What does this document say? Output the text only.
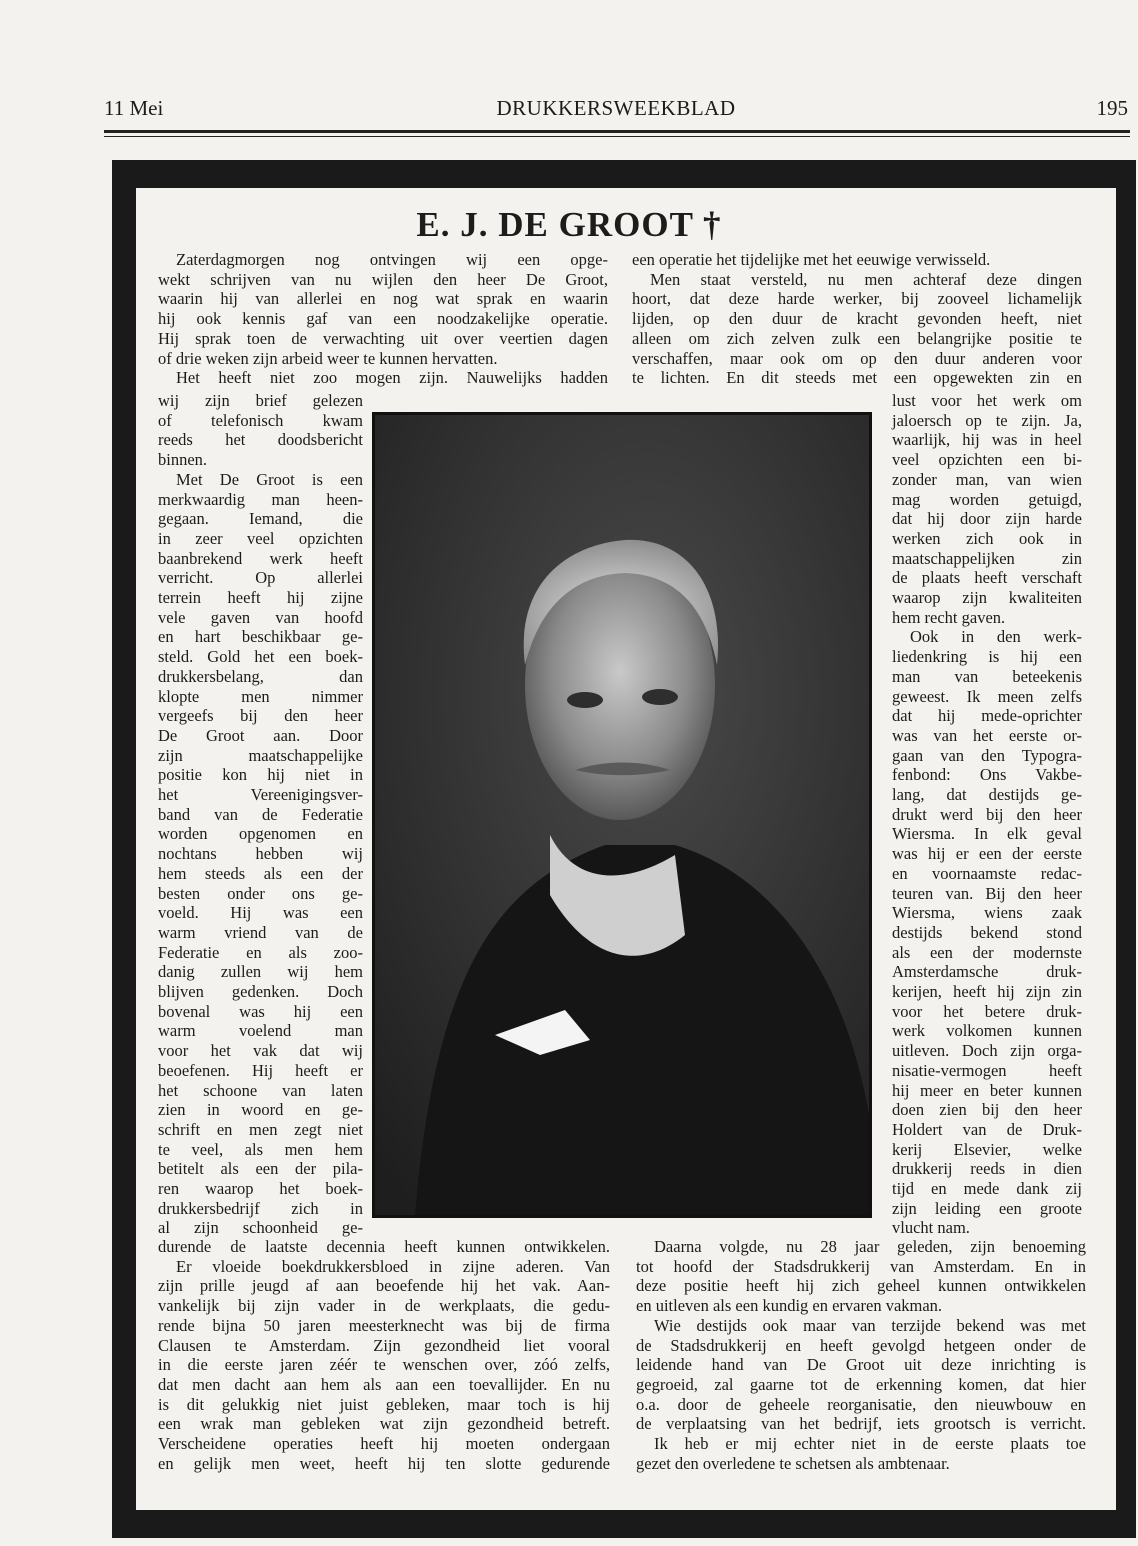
11 Mei	DRUKKERSWEEKBLAD	195
E. J. DE GROOT †

Zaterdagmorgen nog ontvingen wij een opge-

wekt schrijven van nu wijlen den heer De Groot,

waarin hij van allerlei en nog wat sprak en waarin

hij ook kennis gaf van een noodzakelijke operatie.

Hij sprak toen de verwachting uit over veertien dagen

of drie weken zijn arbeid weer te kunnen hervatten.

Het heeft niet zoo mogen zijn. Nauwelijks hadden

wij zijn brief gelezen

of telefonisch kwam

reeds het doodsbericht

binnen.

Met De Groot is een

merkwaardig man heen-

gegaan. Iemand, die

in zeer veel opzichten

baanbrekend werk heeft

verricht. Op allerlei

terrein heeft hij zijne

vele gaven van hoofd

en hart beschikbaar ge-

steld. Gold het een boek-

drukkersbelang, dan

klopte men nimmer

vergeefs bij den heer

De Groot aan. Door

zijn maatschappelijke

positie kon hij niet in

het Vereenigingsver-

band van de Federatie

worden opgenomen en

nochtans hebben wij

hem steeds als een der

besten onder ons ge-

voeld. Hij was een

warm vriend van de

Federatie en als zoo-

danig zullen wij hem

blijven gedenken. Doch

bovenal was hij een

warm voelend man

voor het vak dat wij

beoefenen. Hij heeft er

het schoone van laten

zien in woord en ge-

schrift en men zegt niet

te veel, als men hem

betitelt als een der pila-

ren waarop het boek-

drukkersbedrijf zich in

al zijn schoonheid ge-

durende de laatste decennia heeft kunnen ontwikkelen.

Er vloeide boekdrukkersbloed in zijne aderen. Van

zijn prille jeugd af aan beoefende hij het vak. Aan-

vankelijk bij zijn vader in de werkplaats, die gedu-

rende bijna 50 jaren meesterknecht was bij de firma

Clausen te Amsterdam. Zijn gezondheid liet vooral

in die eerste jaren zéér te wenschen over, zóó zelfs,

dat men dacht aan hem als aan een toevallijder. En nu

is dit gelukkig niet juist gebleken, maar toch is hij

een wrak man gebleken wat zijn gezondheid betreft.

Verscheidene operaties heeft hij moeten ondergaan

en gelijk men weet, heeft hij ten slotte gedurende

een operatie het tijdelijke met het eeuwige verwisseld.

Men staat versteld, nu men achteraf deze dingen

hoort, dat deze harde werker, bij zooveel lichamelijk

lijden, op den duur de kracht gevonden heeft, niet

alleen om zich zelven zulk een belangrijke positie te

verschaffen, maar ook om op den duur anderen voor

te lichten. En dit steeds met een opgewekten zin en

lust voor het werk om

jaloersch op te zijn. Ja,

waarlijk, hij was in heel

veel opzichten een bi-

zonder man, van wien

mag worden getuigd,

dat hij door zijn harde

werken zich ook in

maatschappelijken zin

de plaats heeft verschaft

waarop zijn kwaliteiten

hem recht gaven.

Ook in den werk-

liedenkring is hij een

man van beteekenis

geweest. Ik meen zelfs

dat hij mede-oprichter

was van het eerste or-

gaan van den Typogra-

fenbond: Ons Vakbe-

lang, dat destijds ge-

drukt werd bij den heer

Wiersma. In elk geval

was hij er een der eerste

en voornaamste redac-

teuren van. Bij den heer

Wiersma, wiens zaak

destijds bekend stond

als een der modernste

Amsterdamsche druk-

kerijen, heeft hij zijn zin

voor het betere druk-

werk volkomen kunnen

uitleven. Doch zijn orga-

nisatie-vermogen heeft

hij meer en beter kunnen

doen zien bij den heer

Holdert van de Druk-

kerij Elsevier, welke

drukkerij reeds in dien

tijd en mede dank zij

zijn leiding een groote

vlucht nam.

Daarna volgde, nu 28 jaar geleden, zijn benoeming

tot hoofd der Stadsdrukkerij van Amsterdam. En in

deze positie heeft hij zich geheel kunnen ontwikkelen

en uitleven als een kundig en ervaren vakman.

Wie destijds ook maar van terzijde bekend was met

de Stadsdrukkerij en heeft gevolgd hetgeen onder de

leidende hand van De Groot uit deze inrichting is

gegroeid, zal gaarne tot de erkenning komen, dat hier

o.a. door de geheele reorganisatie, den nieuwbouw en

de verplaatsing van het bedrijf, iets grootsch is verricht.

Ik heb er mij echter niet in de eerste plaats toe

gezet den overledene te schetsen als ambtenaar.
